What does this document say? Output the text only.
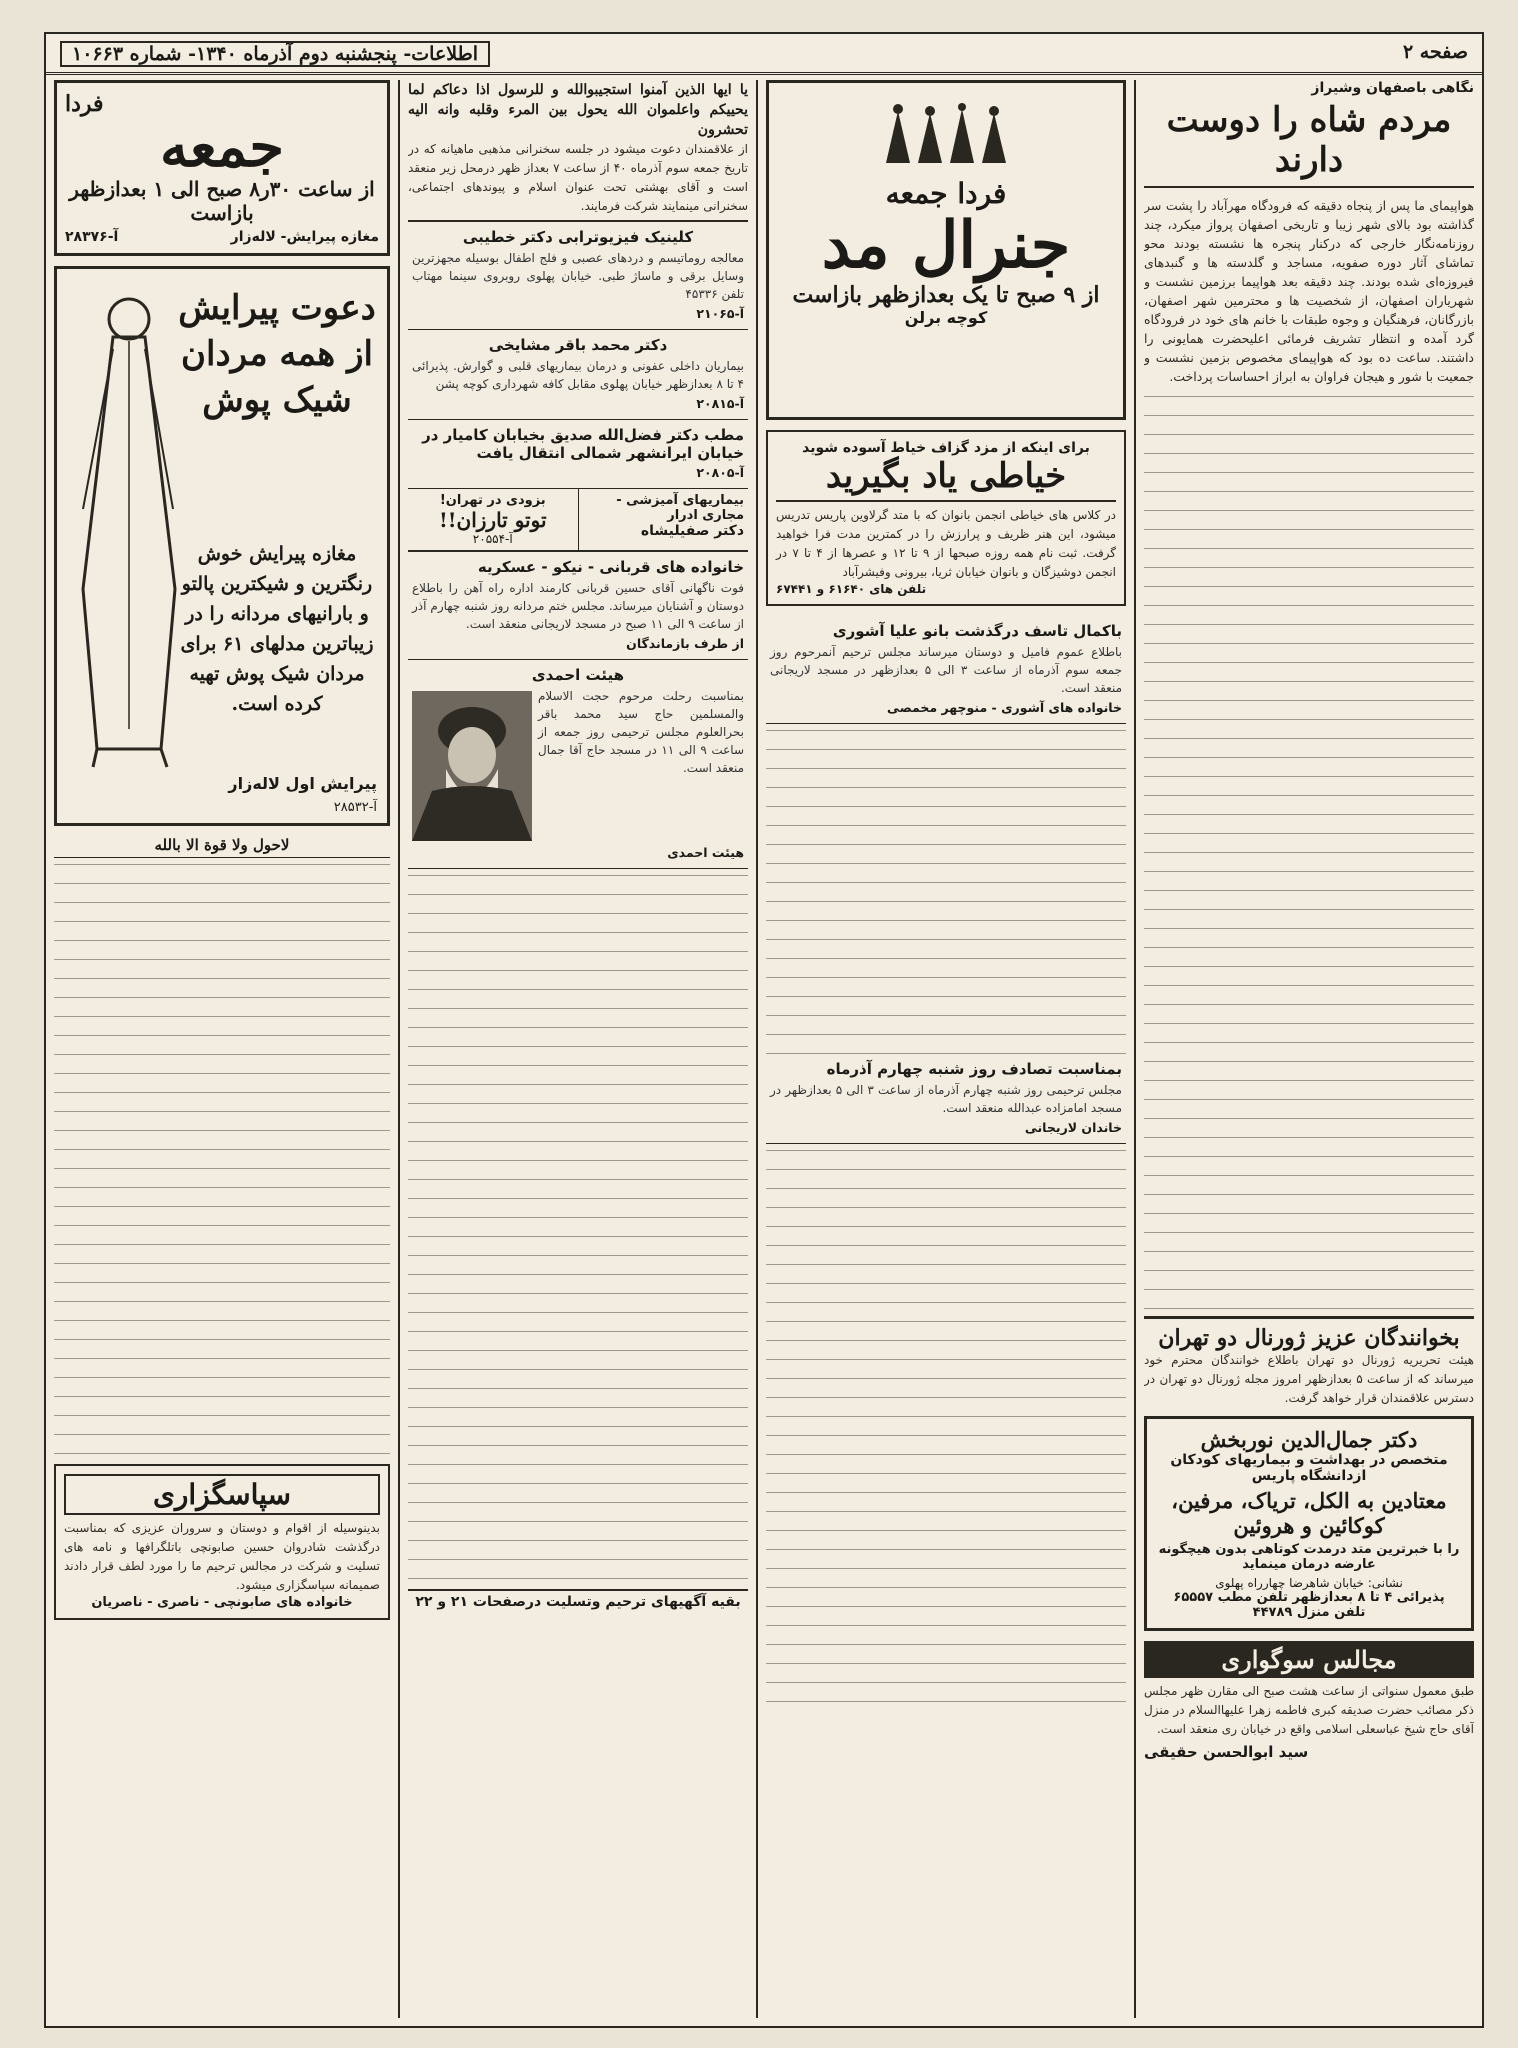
صفحه ۲
اطلاعات- پنجشنبه دوم آذرماه ۱۳۴۰- شماره ۱۰۶۶۳
نگاهی باصفهان وشیراز
مردم شاه را دوست دارند
هواپیمای ما پس از پنجاه دقیقه که فرودگاه مهرآباد را پشت سر گذاشته بود بالای شهر زیبا و تاریخی اصفهان پرواز میکرد، چند روزنامه‌نگار خارجی که درکنار پنجره ها نشسته بودند محو تماشای آثار دوره صفویه، مساجد و گلدسته ها و گنبدهای فیروزه‌ای شده بودند. چند دقیقه بعد هواپیما برزمین نشست و شهریاران اصفهان، از شخصیت ها و محترمین شهر اصفهان، بازرگانان، فرهنگیان و وجوه طبقات با خانم های خود در فرودگاه گرد آمده و انتظار تشریف فرمائی اعلیحضرت همایونی را داشتند. ساعت ده بود که هواپیمای مخصوص بزمین نشست و جمعیت با شور و هیجان فراوان به ابراز احساسات پرداخت.
بخوانندگان عزیز ژورنال دو تهران
هیئت تحریریه ژورنال دو تهران باطلاع خوانندگان محترم خود میرساند که از ساعت ۵ بعدازظهر امروز مجله ژورنال دو تهران در دسترس علاقمندان قرار خواهد گرفت.
دکتر جمال‌الدین نوربخش
متخصص در بهداشت و بیماریهای کودکان
ازدانشگاه پاریس
معتادین به الکل، تریاک، مرفین، کوکائین و هروئین
را با خبرترین متد درمدت کوتاهی بدون هیچگونه عارضه درمان مینماید
نشانی: خیابان شاهرضا چهارراه پهلوی
پذیرائی ۴ تا ۸ بعدازظهر تلفن مطب ۶۵۵۵۷
تلفن منزل ۴۴۷۸۹
مجالس سوگواری
طبق معمول سنواتی از ساعت هشت صبح الی مقارن ظهر مجلس ذکر مصائب حضرت صدیقه کبری فاطمه زهرا علیهاالسلام در منزل آقای حاج شیخ عباسعلی اسلامی واقع در خیابان ری منعقد است.
سید ابوالحسن حقیقی
فردا جمعه
جنرال مد
از ۹ صبح تا یک بعدازظهر بازاست
کوچه برلن
برای اینکه از مزد گزاف خیاط آسوده شوید
خیاطی یاد بگیرید
در کلاس های خیاطی انجمن بانوان که با متد گرلاوین پاریس تدریس میشود، این هنر ظریف و پرارزش را در کمترین مدت فرا خواهید گرفت. ثبت نام همه روزه صبحها از ۹ تا ۱۲ و عصرها از ۴ تا ۷ در انجمن دوشیزگان و بانوان خیابان ثریا، بیرونی وفیشرآباد
تلفن های ۶۱۶۴۰ و ۶۷۴۴۱
باکمال تاسف درگذشت بانو علیا آشوری
باطلاع عموم فامیل و دوستان میرساند مجلس ترحیم آنمرحوم روز جمعه سوم آذرماه از ساعت ۳ الی ۵ بعدازظهر در مسجد لاریجانی منعقد است.
خانواده های آشوری - منوچهر مخمصی
بمناسبت تصادف روز شنبه چهارم آذرماه
مجلس ترحیمی روز شنبه چهارم آذرماه از ساعت ۳ الی ۵ بعدازظهر در مسجد امامزاده عبدالله منعقد است.
خاندان لاریجانی
یا ایها الذین آمنوا استجیبوالله و للرسول اذا دعاکم لما یحییکم واعلموان الله یحول بین المرء وقلبه وانه الیه تحشرون
از علاقمندان دعوت میشود در جلسه سخنرانی مذهبی ماهیانه که در تاریخ جمعه سوم آذرماه ۴۰ از ساعت ۷ بعداز ظهر درمحل زیر منعقد است و آقای بهشتی تحت عنوان اسلام و پیوندهای اجتماعی، سخنرانی مینمایند شرکت فرمایند.
کلینیک فیزیوترابی دکتر خطیبی
معالجه روماتیسم و دردهای عصبی و فلج اطفال بوسیله مجهزترین وسایل برقی و ماساژ طبی. خیابان پهلوی روبروی سینما مهتاب تلفن ۴۵۳۳۶
آ-۲۱۰۶۵
دکتر محمد باقر مشایخی
بیماریان داخلی عفونی و درمان بیماریهای قلبی و گوارش. پذیرائی ۴ تا ۸ بعدازظهر خیابان پهلوی مقابل کافه شهرداری کوچه پشن
آ-۲۰۸۱۵
مطب دکتر فضل‌الله صدیق بخیابان کامیار در خیابان ایرانشهر شمالی انتقال یافت
آ-۲۰۸۰۵
بیماریهای آمیزشی - مجاری ادرار
دکتر صفیلیشاه
بزودی در تهران!
توتو تارزان!!
آ-۲۰۵۵۴
خانواده های قربانی - نیکو - عسکریه
فوت ناگهانی آقای حسین قربانی کارمند اداره راه آهن را باطلاع دوستان و آشنایان میرساند. مجلس ختم مردانه روز شنبه چهارم آذر از ساعت ۹ الی ۱۱ صبح در مسجد لاریجانی منعقد است.
از طرف بازماندگان
هیئت احمدی
بمناسبت رحلت مرحوم حجت الاسلام والمسلمین حاج سید محمد باقر بحرالعلوم مجلس ترحیمی روز جمعه از ساعت ۹ الی ۱۱ در مسجد حاج آقا جمال منعقد است.
هیئت احمدی
بقیه آگهیهای ترحیم وتسلیت درصفحات ۲۱ و ۲۲
فردا
جمعه
از ساعت ۳۰ر۸ صبح الی ۱ بعدازظهر بازاست
مغازه پیرایش- لاله‌زار
آ-۲۸۳۷۶
دعوت پیرایش از همه مردان شیک پوش
مغازه پیرایش خوش رنگترین و شیکترین پالتو و بارانیهای مردانه را در زیباترین مدلهای ۶۱ برای مردان شیک پوش تهیه کرده است.
پیرایش اول لاله‌زار
آ-۲۸۵۳۲
لاحول ولا قوة الا بالله
سپاسگزاری
بدینوسیله از اقوام و دوستان و سروران عزیزی که بمناسبت درگذشت شادروان حسین صابونچی باتلگرافها و نامه های تسلیت و شرکت در مجالس ترحیم ما را مورد لطف قرار دادند صمیمانه سپاسگزاری میشود.
خانواده های صابونچی - ناصری - ناصریان
